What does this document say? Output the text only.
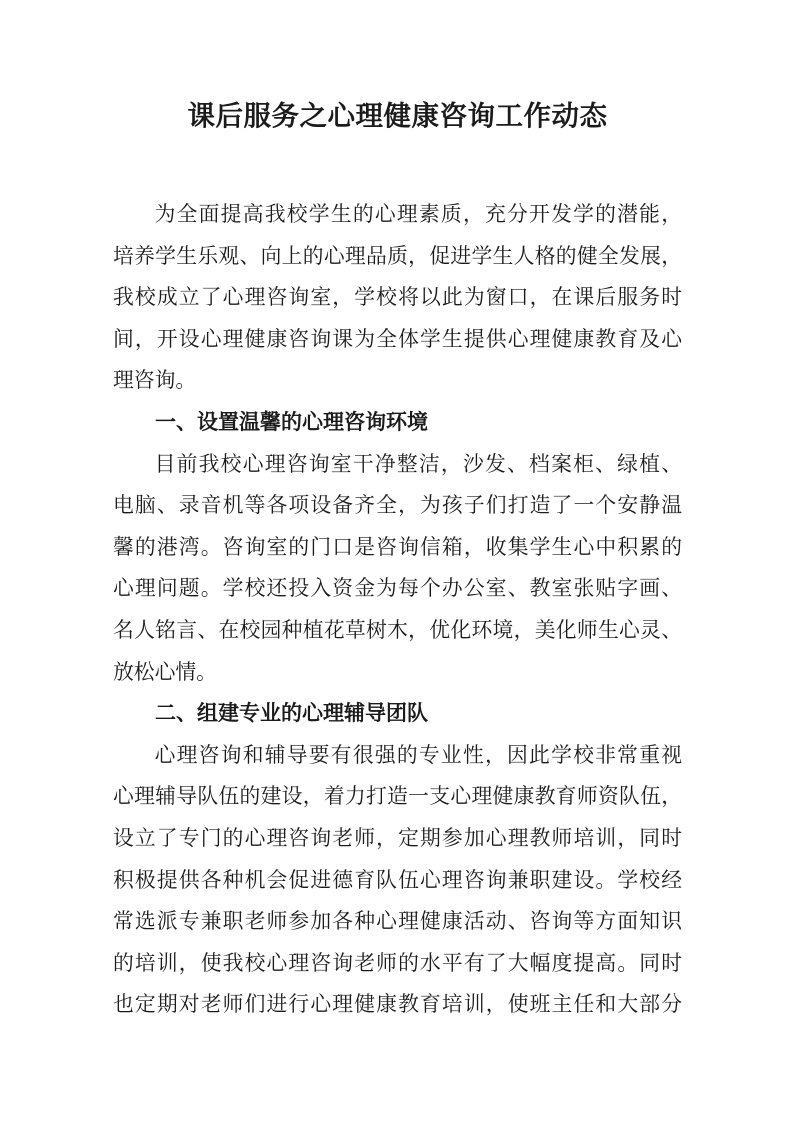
课后服务之心理健康咨询工作动态
为全面提高我校学生的心理素质，充分开发学的潜能，
培养学生乐观、向上的心理品质，促进学生人格的健全发展，
我校成立了心理咨询室，学校将以此为窗口，在课后服务时
间，开设心理健康咨询课为全体学生提供心理健康教育及心
理咨询。
一、设置温馨的心理咨询环境
目前我校心理咨询室干净整洁，沙发、档案柜、绿植、
电脑、录音机等各项设备齐全，为孩子们打造了一个安静温
馨的港湾。咨询室的门口是咨询信箱，收集学生心中积累的
心理问题。学校还投入资金为每个办公室、教室张贴字画、
名人铭言、在校园种植花草树木，优化环境，美化师生心灵、
放松心情。
二、组建专业的心理辅导团队
心理咨询和辅导要有很强的专业性，因此学校非常重视
心理辅导队伍的建设，着力打造一支心理健康教育师资队伍，
设立了专门的心理咨询老师，定期参加心理教师培训，同时
积极提供各种机会促进德育队伍心理咨询兼职建设。学校经
常选派专兼职老师参加各种心理健康活动、咨询等方面知识
的培训，使我校心理咨询老师的水平有了大幅度提高。同时
也定期对老师们进行心理健康教育培训，使班主任和大部分
